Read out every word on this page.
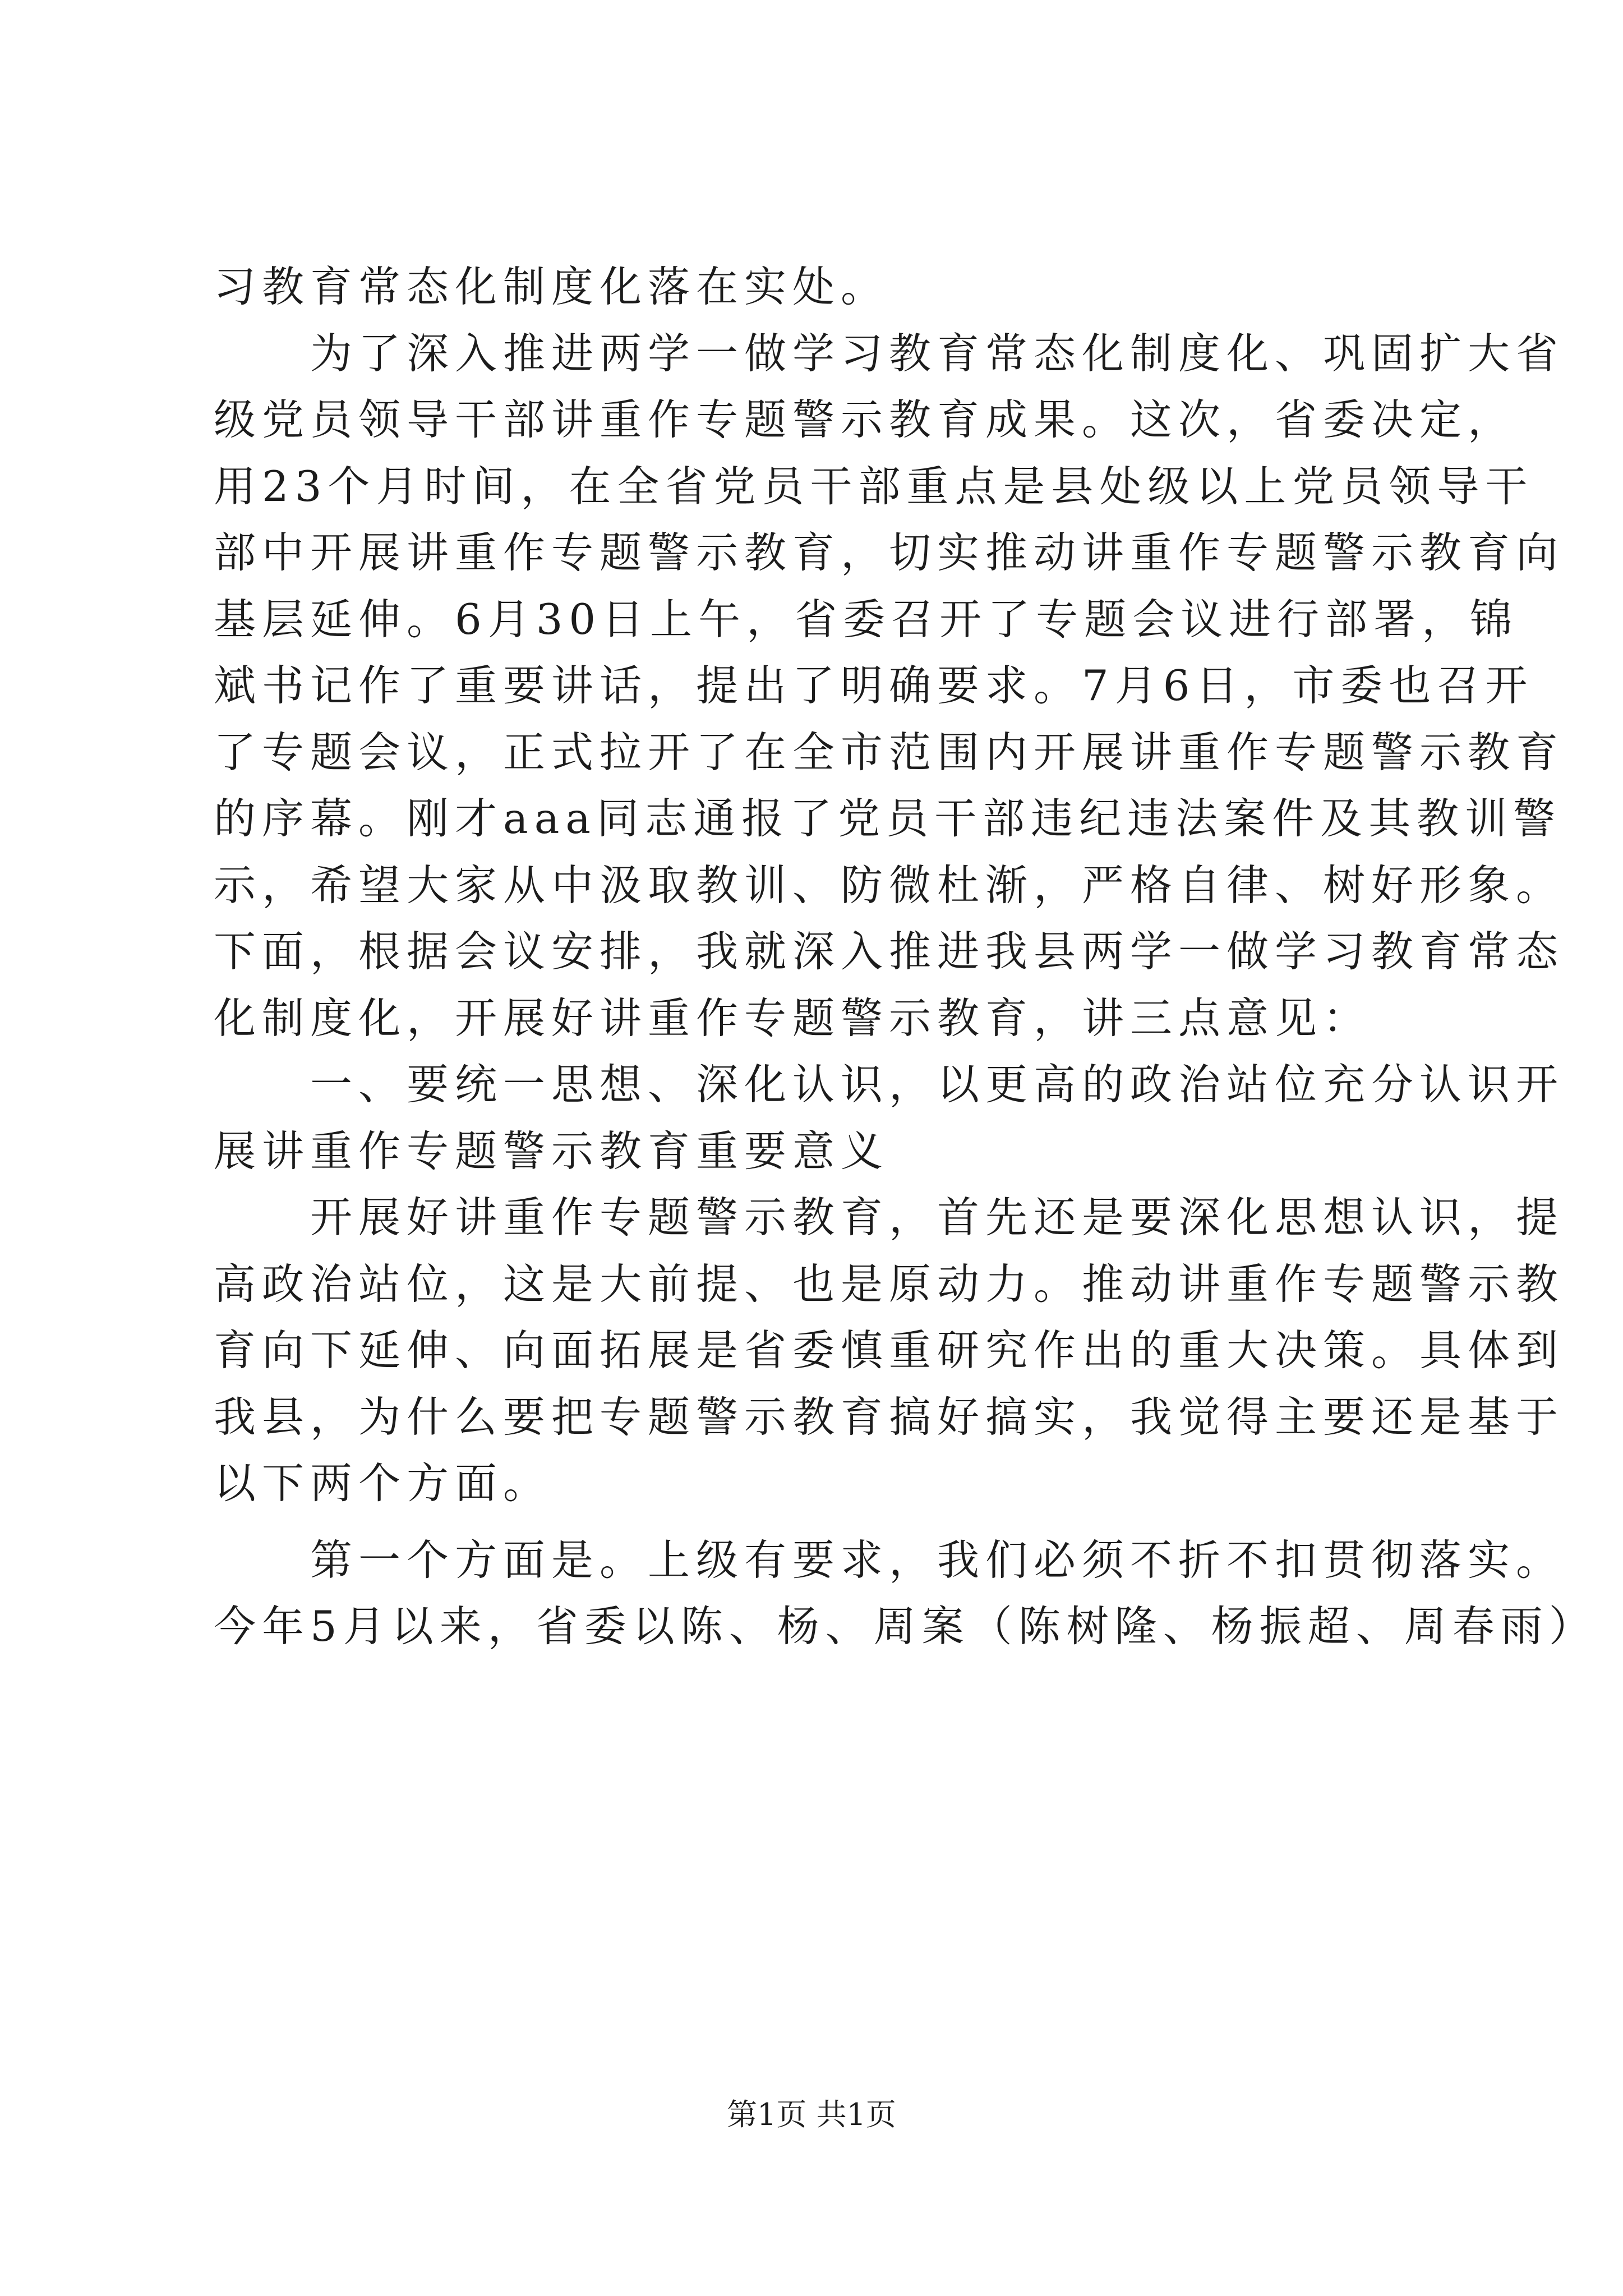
习教育常态化制度化落在实处。
为了深入推进两学一做学习教育常态化制度化、巩固扩大省
级党员领导干部讲重作专题警示教育成果。这次，省委决定，
用23个月时间，在全省党员干部重点是县处级以上党员领导干
部中开展讲重作专题警示教育，切实推动讲重作专题警示教育向
基层延伸。6月30日上午，省委召开了专题会议进行部署，锦
斌书记作了重要讲话，提出了明确要求。7月6日，市委也召开
了专题会议，正式拉开了在全市范围内开展讲重作专题警示教育
的序幕。刚才aaa同志通报了党员干部违纪违法案件及其教训警
示，希望大家从中汲取教训、防微杜渐，严格自律、树好形象。
下面，根据会议安排，我就深入推进我县两学一做学习教育常态
化制度化，开展好讲重作专题警示教育，讲三点意见：
一、要统一思想、深化认识，以更高的政治站位充分认识开
展讲重作专题警示教育重要意义
开展好讲重作专题警示教育，首先还是要深化思想认识，提
高政治站位，这是大前提、也是原动力。推动讲重作专题警示教
育向下延伸、向面拓展是省委慎重研究作出的重大决策。具体到
我县，为什么要把专题警示教育搞好搞实，我觉得主要还是基于
以下两个方面。
第一个方面是。上级有要求，我们必须不折不扣贯彻落实。
今年5月以来，省委以陈、杨、周案（陈树隆、杨振超、周春雨）
第1页 共1页
